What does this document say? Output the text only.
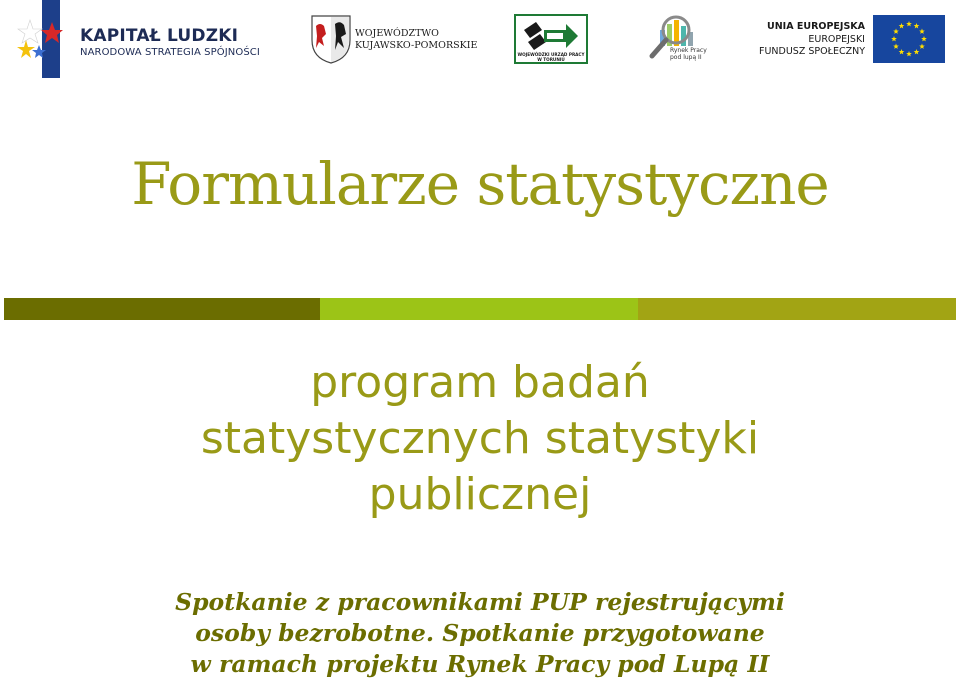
KAPITAŁ LUDZKI
NARODOWA STRATEGIA SPÓJNOŚCI
WOJEWÓDZTWO
KUJAWSKO-POMORSKIE
WOJEWÓDZKI URZĄD PRACY
W TORUNIU
Rynek Pracy
pod lupą II
UNIA EUROPEJSKA
EUROPEJSKI
FUNDUSZ SPOŁECZNY
Formularze statystyczne
program badań
statystycznych statystyki
publicznej
Spotkanie z pracownikami PUP rejestrującymi
osoby bezrobotne. Spotkanie przygotowane
w ramach projektu Rynek Pracy pod Lupą II
